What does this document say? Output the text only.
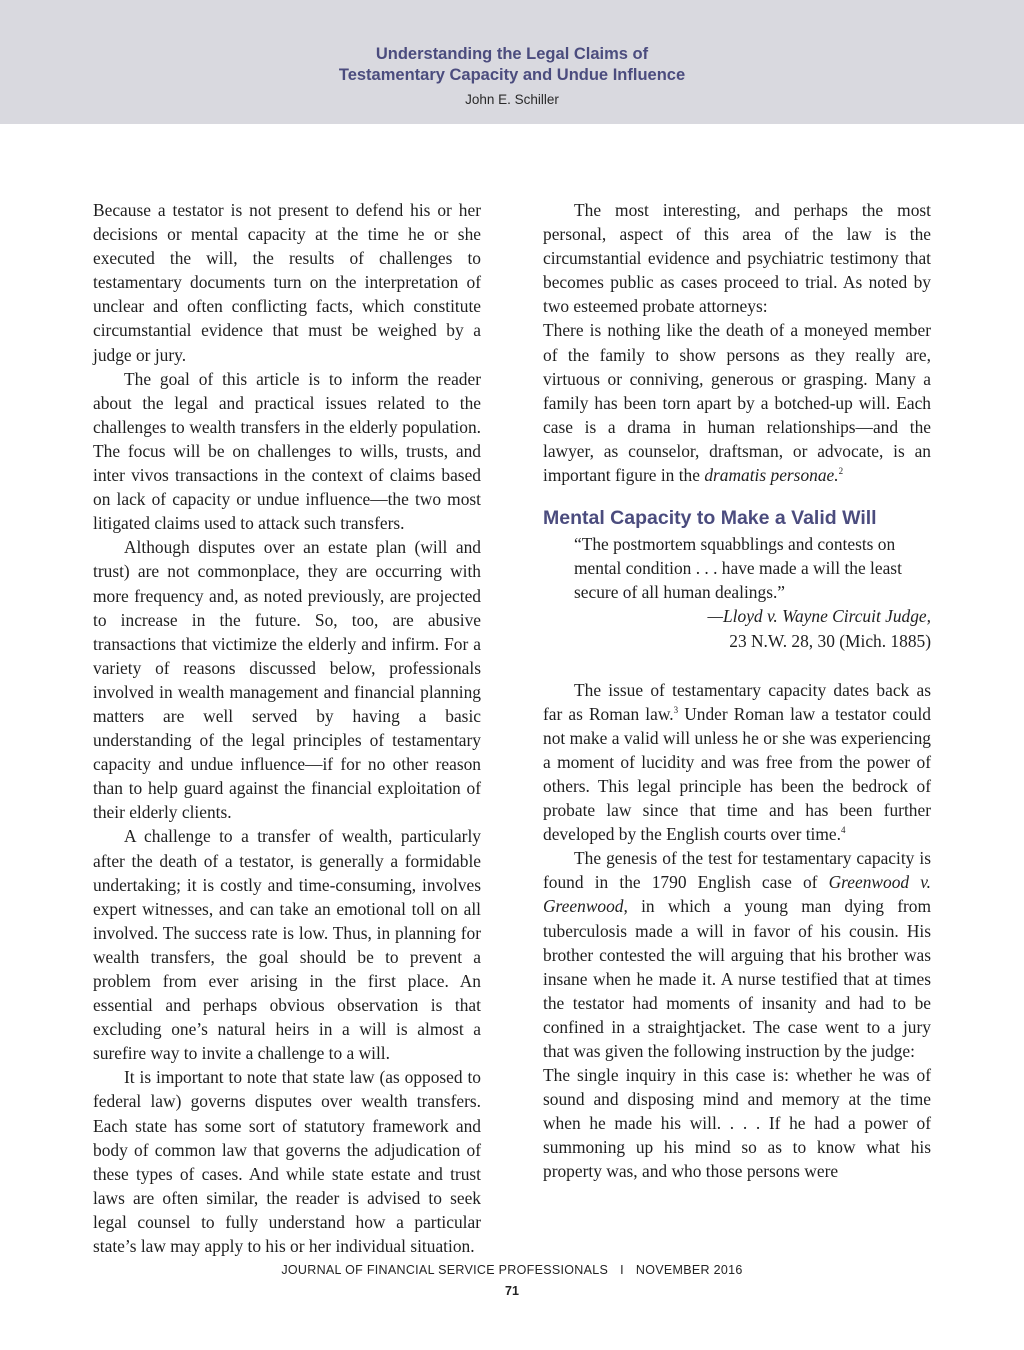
Understanding the Legal Claims of
Testamentary Capacity and Undue Influence
John E. Schiller

Because a testator is not present to defend his or her decisions or mental capacity at the time he or she executed the will, the results of challenges to testamentary documents turn on the interpretation of unclear and often conflicting facts, which constitute circumstantial evidence that must be weighed by a judge or jury.

The goal of this article is to inform the reader about the legal and practical issues related to the challenges to wealth transfers in the elderly population. The focus will be on challenges to wills, trusts, and inter vivos transactions in the context of claims based on lack of capacity or undue influence—the two most litigated claims used to attack such transfers.

Although disputes over an estate plan (will and trust) are not commonplace, they are occurring with more frequency and, as noted previously, are projected to increase in the future. So, too, are abusive transactions that victimize the elderly and infirm. For a variety of reasons discussed below, professionals involved in wealth management and financial planning matters are well served by having a basic understanding of the legal principles of testamentary capacity and undue influence—if for no other reason than to help guard against the financial exploitation of their elderly clients.

A challenge to a transfer of wealth, particularly after the death of a testator, is generally a formidable undertaking; it is costly and time-consuming, involves expert witnesses, and can take an emotional toll on all involved. The success rate is low. Thus, in planning for wealth transfers, the goal should be to prevent a problem from ever arising in the first place. An essential and perhaps obvious observation is that excluding one’s natural heirs in a will is almost a surefire way to invite a challenge to a will.

It is important to note that state law (as opposed to federal law) governs disputes over wealth transfers. Each state has some sort of statutory framework and body of common law that governs the adjudication of these types of cases. And while state estate and trust laws are often similar, the reader is advised to seek legal counsel to fully understand how a particular state’s law may apply to his or her individual situation.

The most interesting, and perhaps the most personal, aspect of this area of the law is the circumstantial evidence and psychiatric testimony that becomes public as cases proceed to trial. As noted by two esteemed probate attorneys:

There is nothing like the death of a moneyed member of the family to show persons as they really are, virtuous or conniving, generous or grasping. Many a family has been torn apart by a botched-up will. Each case is a drama in human relationships—and the lawyer, as counselor, draftsman, or advocate, is an important figure in the dramatis personae.$^2$

Mental Capacity to Make a Valid Will
“The postmortem squabblings and contests on mental condition . . . have made a will the least secure of all human dealings.”
—Lloyd v. Wayne Circuit Judge,
23 N.W. 28, 30 (Mich. 1885)

The issue of testamentary capacity dates back as far as Roman law.$^3$ Under Roman law a testator could not make a valid will unless he or she was experiencing a moment of lucidity and was free from the power of others. This legal principle has been the bedrock of probate law since that time and has been further developed by the English courts over time.$^4$

The genesis of the test for testamentary capacity is found in the 1790 English case of Greenwood v. Greenwood, in which a young man dying from tuberculosis made a will in favor of his cousin. His brother contested the will arguing that his brother was insane when he made it. A nurse testified that at times the testator had moments of insanity and had to be confined in a straightjacket. The case went to a jury that was given the following instruction by the judge:

The single inquiry in this case is: whether he was of sound and disposing mind and memory at the time when he made his will. . . . If he had a power of summoning up his mind so as to know what his property was, and who those persons were

JOURNAL OF FINANCIAL SERVICE PROFESSIONALS I NOVEMBER 2016
71
